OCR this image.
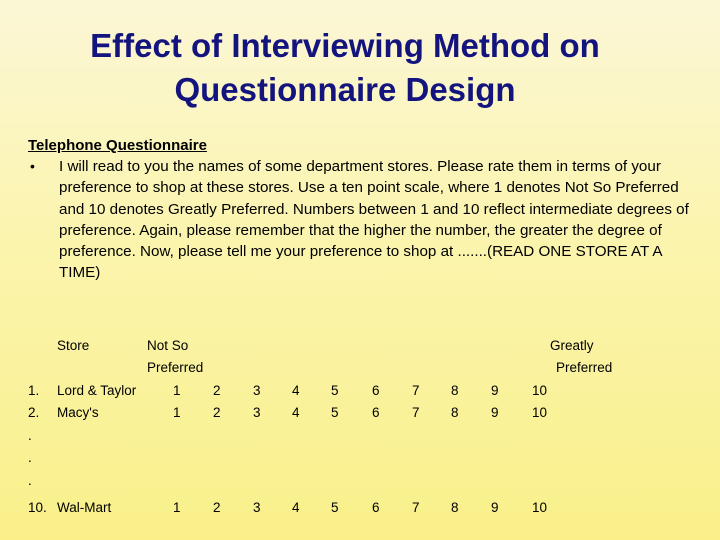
Effect of Interviewing Method on
Questionnaire Design
Telephone Questionnaire
• I will read to you the names of some department stores. Please rate them in terms of your preference to shop at these stores. Use a ten point scale, where 1 denotes Not So Preferred and 10 denotes Greatly Preferred. Numbers between 1 and 10 reflect intermediate degrees of preference. Again, please remember that the higher the number, the greater the degree of preference. Now, please tell me your preference to shop at .......(READ ONE STORE AT A TIME)
Store	Not So
Preferred
Greatly
Preferred
1. Lord & Taylor	1 2 3 4 5 6 7 8 9 10
2. Macy's	1 2 3 4 5 6 7 8 9 10
.
.
.
10. Wal-Mart	1 2 3 4 5 6 7 8 9 10
